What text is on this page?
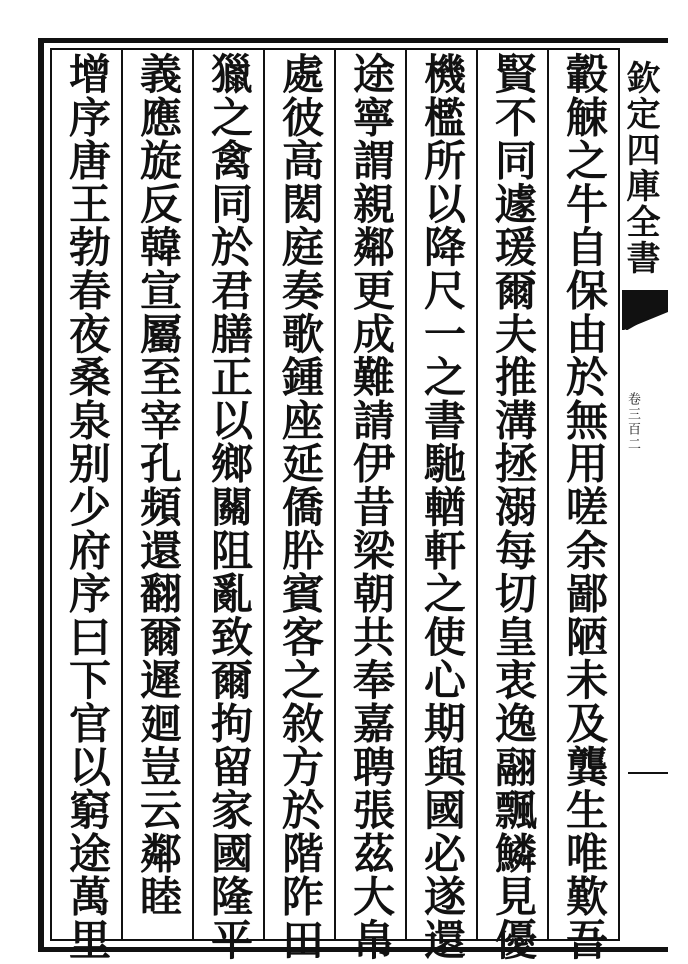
轂觫之牛自保由於無用嗟余鄙陋未及龔生唯歎吾
賢不同遽瑗爾夫推溝拯溺每切皇衷逸翮飄鱗見優
機檻所以降尺一之書馳輶軒之使心期與國必遂還
途寧謂親鄰更成難請伊昔梁朝共奉嘉聘張茲大帛
處彼高閎庭奏歌鍾座延僑肸賓客之敘方於階阼田
獵之禽同於君膳正以鄉關阻亂致爾拘留家國隆平
義應旋反韓宣屬至宰孔頻還翻爾遲廻豈云鄰睦
增序唐王勃春夜桑泉别少府序曰下官以窮途萬里	欽定四庫全書
卷三百二
